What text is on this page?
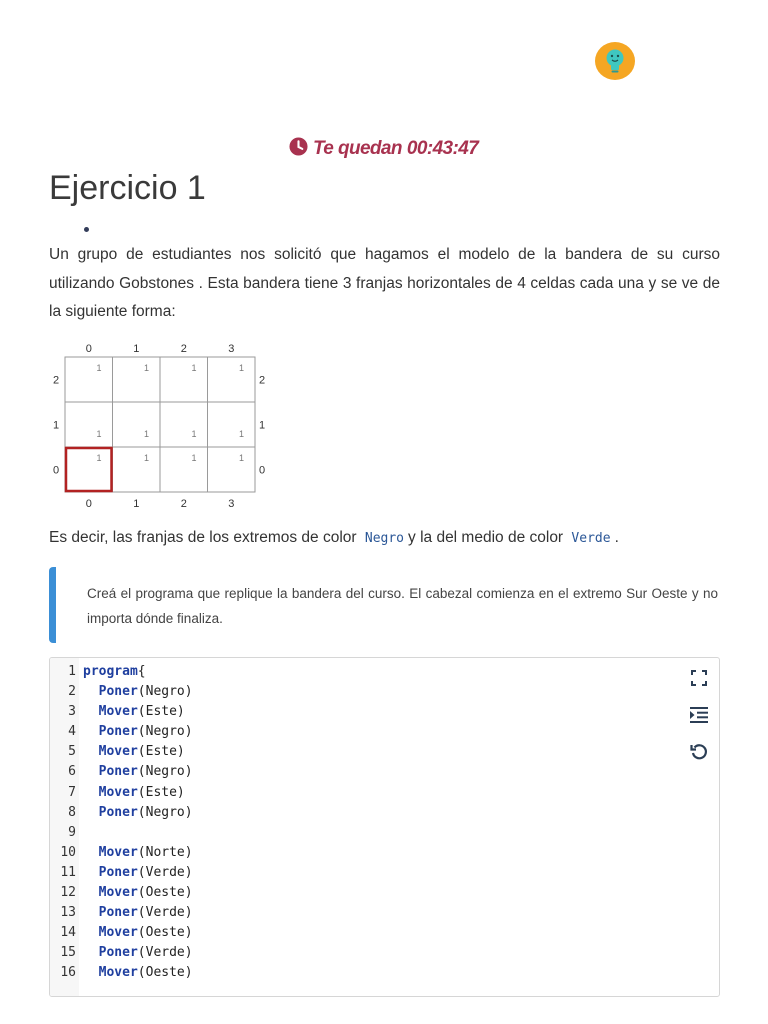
Te quedan 00:43:47
Ejercicio 1

Un grupo de estudiantes nos solicitó que hagamos el modelo de la bandera de su curso utilizando Gobstones . Esta bandera tiene 3 franjas horizontales de 4 celdas cada una y se ve de la siguiente forma:

0
0
1
1
2
2
3
3
2	2
1	1
0	0
1	1	1	1
1	1	1	1
1	1	1	1

Es decir, las franjas de los extremos de color Negro y la del medio de color Verde .

Creá el programa que replique la bandera del curso. El cabezal comienza en el extremo Sur Oeste y no importa dónde finaliza.

1 program{
2 Poner(Negro)
3 Mover(Este)
4 Poner(Negro)
5 Mover(Este)
6 Poner(Negro)
7 Mover(Este)
8 Poner(Negro)
9
10 Mover(Norte)
11 Poner(Verde)
12 Mover(Oeste)
13 Poner(Verde)
14 Mover(Oeste)
15 Poner(Verde)
16 Mover(Oeste)
